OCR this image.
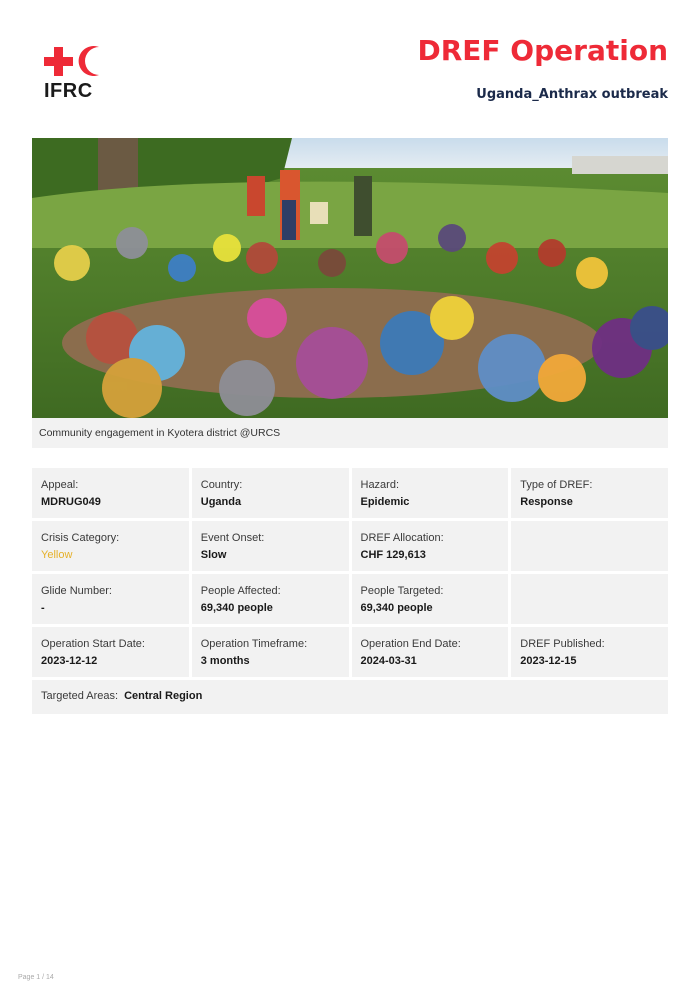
IFRC
DREF Operation
Uganda_Anthrax outbreak
Community engagement in Kyotera district @URCS
Appeal:
MDRUG049
Country:
Uganda
Hazard:
Epidemic
Type of DREF:
Response
Crisis Category:
Yellow
Event Onset:
Slow
DREF Allocation:
CHF 129,613
Glide Number:
-
People Affected:
69,340 people
People Targeted:
69,340 people
Operation Start Date:
2023-12-12
Operation Timeframe:
3 months
Operation End Date:
2024-03-31
DREF Published:
2023-12-15
Targeted Areas: Central Region
Page 1 / 14
